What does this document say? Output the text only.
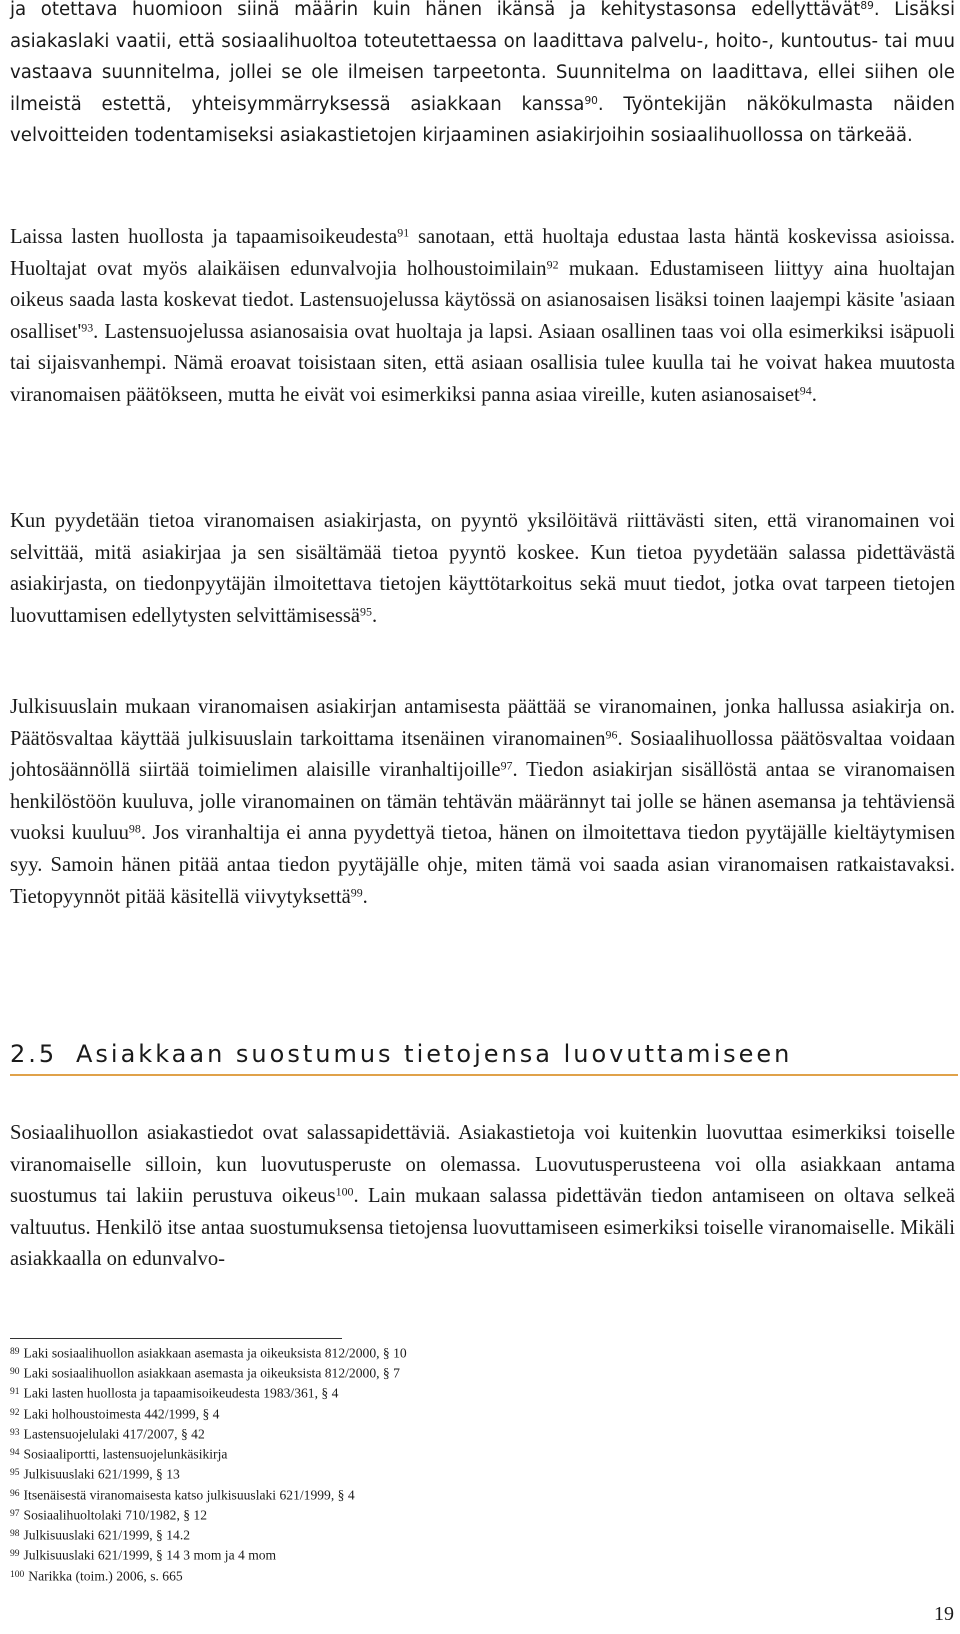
ja otettava huomioon siinä määrin kuin hänen ikänsä ja kehitystasonsa edellyttävät$^{89}$. Lisäksi asiakaslaki vaatii, että sosiaalihuoltoa toteutettaessa on laadittava palvelu-, hoito-, kuntoutus- tai muu vastaava suunnitelma, jollei se ole ilmeisen tarpeetonta. Suunnitelma on laadittava, ellei siihen ole ilmeistä estettä, yhteisymmärryksessä asiakkaan kanssa$^{90}$. Työntekijän näkökulmasta näiden velvoitteiden todentamiseksi asiakastietojen kirjaaminen asiakirjoihin sosiaalihuollossa on tärkeää.

Laissa lasten huollosta ja tapaamisoikeudesta$^{91}$ sanotaan, että huoltaja edustaa lasta häntä koskevissa asioissa. Huoltajat ovat myös alaikäisen edunvalvojia holhoustoimilain$^{92}$ mukaan. Edustamiseen liittyy aina huoltajan oikeus saada lasta koskevat tiedot. Lastensuojelussa käytössä on asianosaisen lisäksi toinen laajempi käsite 'asiaan osalliset'$^{93}$. Lastensuojelussa asianosaisia ovat huoltaja ja lapsi. Asiaan osallinen taas voi olla esimerkiksi isäpuoli tai sijaisvanhempi. Nämä eroavat toisistaan siten, että asiaan osallisia tulee kuulla tai he voivat hakea muutosta viranomaisen päätökseen, mutta he eivät voi esimerkiksi panna asiaa vireille, kuten asianosaiset$^{94}$.

Kun pyydetään tietoa viranomaisen asiakirjasta, on pyyntö yksilöitävä riittävästi siten, että viranomainen voi selvittää, mitä asiakirjaa ja sen sisältämää tietoa pyyntö koskee. Kun tietoa pyydetään salassa pidettävästä asiakirjasta, on tiedonpyytäjän ilmoitettava tietojen käyttötarkoitus sekä muut tiedot, jotka ovat tarpeen tietojen luovuttamisen edellytysten selvittämisessä$^{95}$.

Julkisuuslain mukaan viranomaisen asiakirjan antamisesta päättää se viranomainen, jonka hallussa asiakirja on. Päätösvaltaa käyttää julkisuuslain tarkoittama itsenäinen viranomainen$^{96}$. Sosiaalihuollossa päätösvaltaa voidaan johtosäännöllä siirtää toimielimen alaisille viranhaltijoille$^{97}$. Tiedon asiakirjan sisällöstä antaa se viranomaisen henkilöstöön kuuluva, jolle viranomainen on tämän tehtävän määrännyt tai jolle se hänen asemansa ja tehtäviensä vuoksi kuuluu$^{98}$. Jos viranhaltija ei anna pyydettyä tietoa, hänen on ilmoitettava tiedon pyytäjälle kieltäytymisen syy. Samoin hänen pitää antaa tiedon pyytäjälle ohje, miten tämä voi saada asian viranomaisen ratkaistavaksi. Tietopyynnöt pitää käsitellä viivytyksettä$^{99}$.

2.5 Asiakkaan suostumus tietojensa luovuttamiseen

Sosiaalihuollon asiakastiedot ovat salassapidettäviä. Asiakastietoja voi kuitenkin luovuttaa esimerkiksi toiselle viranomaiselle silloin, kun luovutusperuste on olemassa. Luovutusperusteena voi olla asiakkaan antama suostumus tai lakiin perustuva oikeus$^{100}$. Lain mukaan salassa pidettävän tiedon antamiseen on oltava selkeä valtuutus. Henkilö itse antaa suostumuksensa tietojensa luovuttamiseen esimerkiksi toiselle viranomaiselle. Mikäli asiakkaalla on edunvalvo-

$^{89}$ Laki sosiaalihuollon asiakkaan asemasta ja oikeuksista 812/2000, § 10
$^{90}$ Laki sosiaalihuollon asiakkaan asemasta ja oikeuksista 812/2000, § 7
$^{91}$ Laki lasten huollosta ja tapaamisoikeudesta 1983/361, § 4
$^{92}$ Laki holhoustoimesta 442/1999, § 4
$^{93}$ Lastensuojelulaki 417/2007, § 42
$^{94}$ Sosiaaliportti, lastensuojelunkäsikirja
$^{95}$ Julkisuuslaki 621/1999, § 13
$^{96}$ Itsenäisestä viranomaisesta katso julkisuuslaki 621/1999, § 4
$^{97}$ Sosiaalihuoltolaki 710/1982, § 12
$^{98}$ Julkisuuslaki 621/1999, § 14.2
$^{99}$ Julkisuuslaki 621/1999, § 14 3 mom ja 4 mom
$^{100}$ Narikka (toim.) 2006, s. 665
19
